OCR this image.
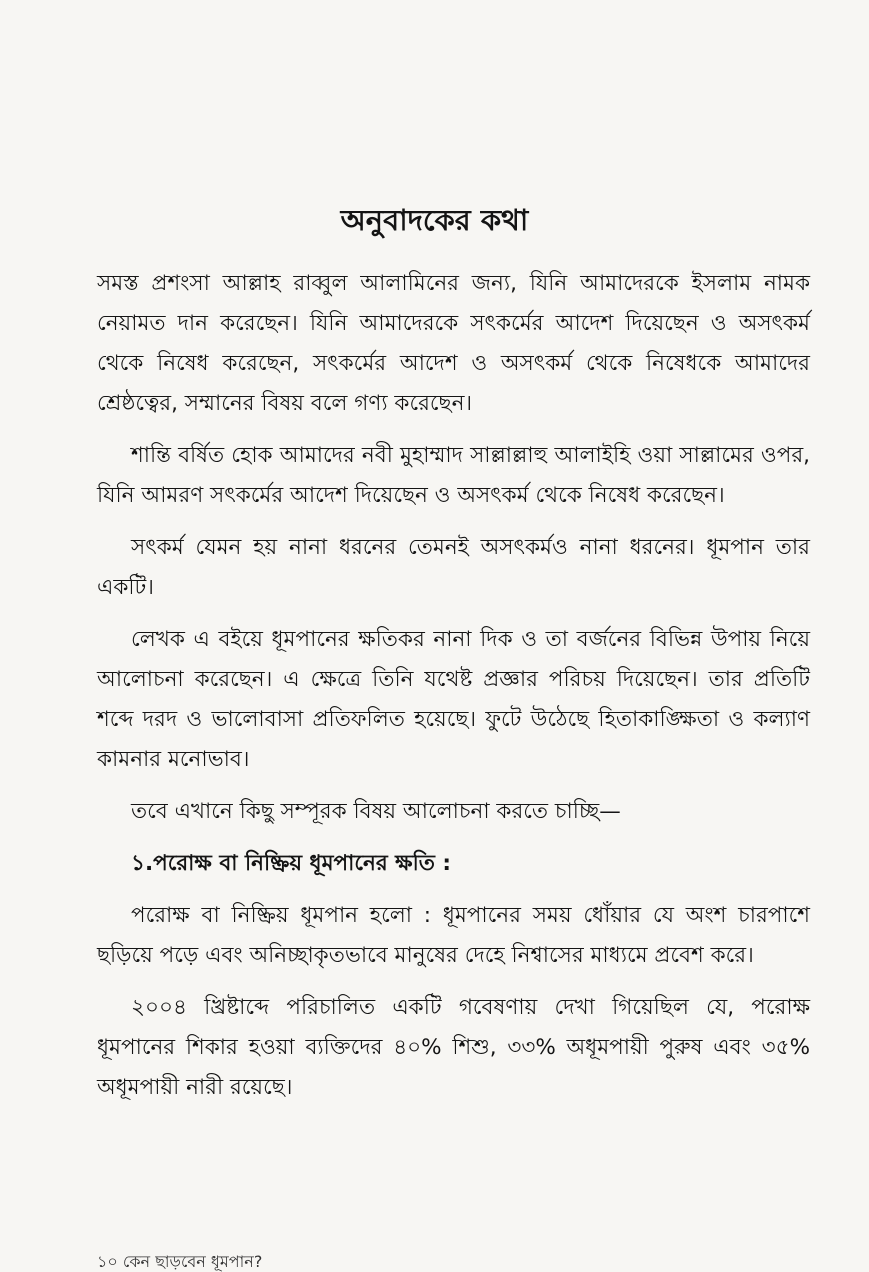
অনুবাদকের কথা

সমস্ত প্রশংসা আল্লাহ রাব্বুল আলামিনের জন্য, যিনি আমাদেরকে ইসলাম নামক নেয়ামত দান করেছেন। যিনি আমাদেরকে সৎকর্মের আদেশ দিয়েছেন ও অসৎকর্ম থেকে নিষেধ করেছেন, সৎকর্মের আদেশ ও অসৎকর্ম থেকে নিষেধকে আমাদের শ্রেষ্ঠত্বের, সম্মানের বিষয় বলে গণ্য করেছেন।

শান্তি বর্ষিত হোক আমাদের নবী মুহাম্মাদ সাল্লাল্লাহু আলাইহি ওয়া সাল্লামের ওপর, যিনি আমরণ সৎকর্মের আদেশ দিয়েছেন ও অসৎকর্ম থেকে নিষেধ করেছেন।

সৎকর্ম যেমন হয় নানা ধরনের তেমনই অসৎকর্মও নানা ধরনের। ধূমপান তার একটি।

লেখক এ বইয়ে ধূমপানের ক্ষতিকর নানা দিক ও তা বর্জনের বিভিন্ন উপায় নিয়ে আলোচনা করেছেন। এ ক্ষেত্রে তিনি যথেষ্ট প্রজ্ঞার পরিচয় দিয়েছেন। তার প্রতিটি শব্দে দরদ ও ভালোবাসা প্রতিফলিত হয়েছে। ফুটে উঠেছে হিতাকাঙ্ক্ষিতা ও কল্যাণ কামনার মনোভাব।

তবে এখানে কিছু সম্পূরক বিষয় আলোচনা করতে চাচ্ছি—

১.পরোক্ষ বা নিষ্ক্রিয় ধূমপানের ক্ষতি :

পরোক্ষ বা নিষ্ক্রিয় ধূমপান হলো : ধূমপানের সময় ধোঁয়ার যে অংশ চারপাশে ছড়িয়ে পড়ে এবং অনিচ্ছাকৃতভাবে মানুষের দেহে নিশ্বাসের মাধ্যমে প্রবেশ করে।

২০০৪ খ্রিষ্টাব্দে পরিচালিত একটি গবেষণায় দেখা গিয়েছিল যে, পরোক্ষ ধূমপানের শিকার হওয়া ব্যক্তিদের ৪০% শিশু, ৩৩% অধূমপায়ী পুরুষ এবং ৩৫% অধূমপায়ী নারী রয়েছে।

১০ কেন ছাড়বেন ধূমপান?
